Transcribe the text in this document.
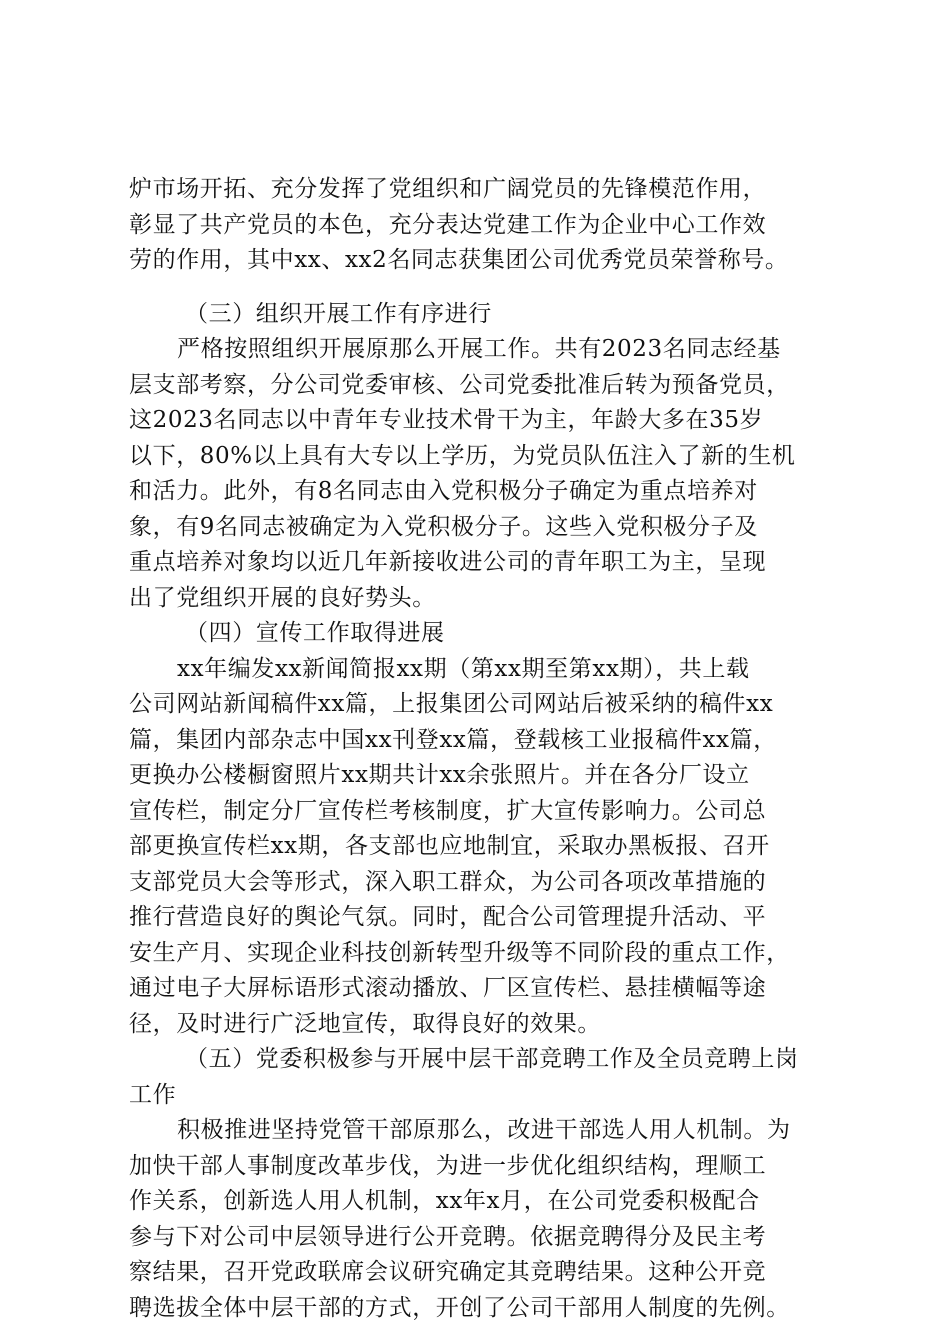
炉市场开拓、充分发挥了党组织和广阔党员的先锋模范作用，
彰显了共产党员的本色，充分表达党建工作为企业中心工作效
劳的作用，其中xx、xx2名同志获集团公司优秀党员荣誉称号。
（三）组织开展工作有序进行
严格按照组织开展原那么开展工作。共有2023名同志经基
层支部考察，分公司党委审核、公司党委批准后转为预备党员，
这2023名同志以中青年专业技术骨干为主，年龄大多在35岁
以下，80%以上具有大专以上学历，为党员队伍注入了新的生机
和活力。此外，有8名同志由入党积极分子确定为重点培养对
象，有9名同志被确定为入党积极分子。这些入党积极分子及
重点培养对象均以近几年新接收进公司的青年职工为主，呈现
出了党组织开展的良好势头。
（四）宣传工作取得进展
xx年编发xx新闻简报xx期（第xx期至第xx期），共上载
公司网站新闻稿件xx篇，上报集团公司网站后被采纳的稿件xx
篇，集团内部杂志中国xx刊登xx篇，登载核工业报稿件xx篇，
更换办公楼橱窗照片xx期共计xx余张照片。并在各分厂设立
宣传栏，制定分厂宣传栏考核制度，扩大宣传影响力。公司总
部更换宣传栏xx期，各支部也应地制宜，采取办黑板报、召开
支部党员大会等形式，深入职工群众，为公司各项改革措施的
推行营造良好的舆论气氛。同时，配合公司管理提升活动、平
安生产月、实现企业科技创新转型升级等不同阶段的重点工作，
通过电子大屏标语形式滚动播放、厂区宣传栏、悬挂横幅等途
径，及时进行广泛地宣传，取得良好的效果。
（五）党委积极参与开展中层干部竞聘工作及全员竞聘上岗
工作
积极推进坚持党管干部原那么，改进干部选人用人机制。为
加快干部人事制度改革步伐，为进一步优化组织结构，理顺工
作关系，创新选人用人机制，xx年x月，在公司党委积极配合
参与下对公司中层领导进行公开竞聘。依据竞聘得分及民主考
察结果，召开党政联席会议研究确定其竞聘结果。这种公开竞
聘选拔全体中层干部的方式，开创了公司干部用人制度的先例。
